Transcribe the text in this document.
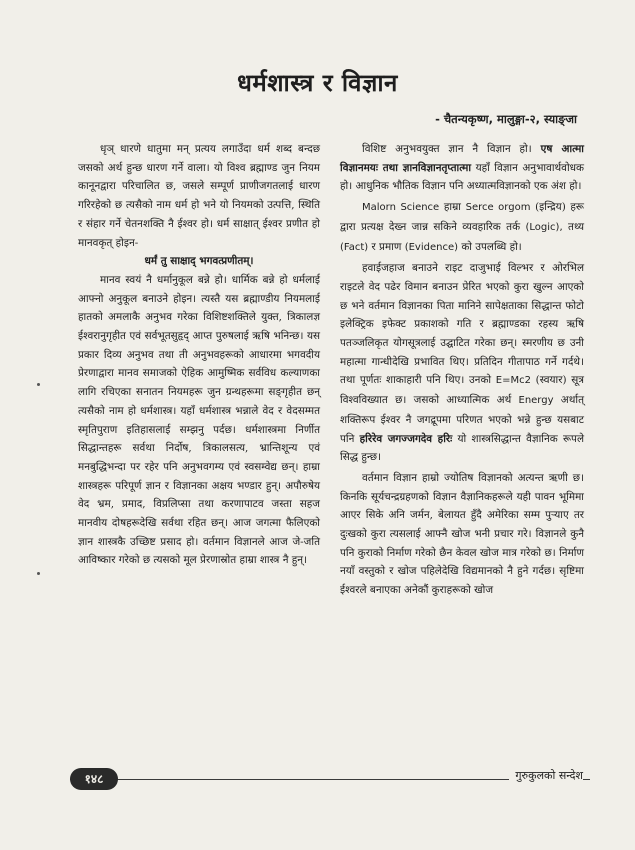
धर्मशास्त्र र विज्ञान
- चैतन्यकृष्ण, मालुङ्गा-२, स्याङ्जा

धृञ् धारणे धातुमा मन् प्रत्यय लगाउँदा धर्म शब्द बन्दछ जसको अर्थ हुन्छ धारण गर्ने वाला। यो विश्व ब्रह्माण्ड जुन नियम कानूनद्वारा परिचालित छ, जसले सम्पूर्ण प्राणीजगतलाई धारण गरिरहेको छ त्यसैको नाम धर्म हो भने यो नियमको उत्पत्ति, स्थिति र संहार गर्ने चेतनशक्ति नै ईश्वर हो। धर्म साक्षात् ईश्वर प्रणीत हो मानवकृत् होइन-

धर्मं तु साक्षाद् भगवत्प्रणीतम्।

मानव स्वयं नै धर्मानुकूल बन्ने हो। धार्मिक बन्ने हो धर्मलाई आफ्नो अनुकूल बनाउने होइन। त्यस्तै यस ब्रह्माण्डीय नियमलाई हातको अमलाकै अनुभव गरेका विशिष्टशक्तिले युक्त, त्रिकालज्ञ ईश्वरानुगृहीत एवं सर्वभूतसुहृद् आप्त पुरुषलाई ऋषि भनिन्छ। यस प्रकार दिव्य अनुभव तथा ती अनुभवहरूको आधारमा भगवदीय प्रेरणाद्वारा मानव समाजको ऐहिक आमुष्मिक सर्वविध कल्याणका लागि रचिएका सनातन नियमहरू जुन ग्रन्थहरूमा सङ्गृहीत छन् त्यसैको नाम हो धर्मशास्त्र। यहाँ धर्मशास्त्र भन्नाले वेद र वेदसम्मत स्मृतिपुराण इतिहासलाई सम्झनु पर्दछ। धर्मशास्त्रमा निर्णीत सिद्धान्तहरू सर्वथा निर्दोष, त्रिकालसत्य, भ्रान्तिशून्य एवं मनबुद्धिभन्दा पर रहेर पनि अनुभवगम्य एवं स्वसम्वेद्य छन्। हाम्रा शास्त्रहरू परिपूर्ण ज्ञान र विज्ञानका अक्षय भण्डार हुन्। अपौरुषेय वेद भ्रम, प्रमाद, विप्रलिप्सा तथा करणापाटव जस्ता सहज मानवीय दोषहरूदेखि सर्वथा रहित छन्। आज जगत्मा फैलिएको ज्ञान शास्त्रकै उच्छिष्ट प्रसाद हो। वर्तमान विज्ञानले आज जे-जति आविष्कार गरेको छ त्यसको मूल प्रेरणास्रोत हाम्रा शास्त्र नै हुन्।

विशिष्ट अनुभवयुक्त ज्ञान नै विज्ञान हो। एष आत्मा विज्ञानमयः तथा ज्ञानविज्ञानतृप्तात्मा यहाँ विज्ञान अनुभावार्थवोधक हो। आधुनिक भौतिक विज्ञान पनि अध्यात्मविज्ञानको एक अंश हो।

Malorn Science हाम्रा Serce orgom (इन्द्रिय) हरू द्वारा प्रत्यक्ष देख्न जान्न सकिने व्यवहारिक तर्क (Logic), तथ्य (Fact) र प्रमाण (Evidence) को उपलब्धि हो।

हवाईजहाज बनाउने राइट दाजुभाई विल्भर र ओरभिल राइटले वेद पढेर विमान बनाउन प्रेरित भएको कुरा खुल्न आएको छ भने वर्तमान विज्ञानका पिता मानिने सापेक्षताका सिद्धान्त फोटो इलेक्ट्रिक इफेक्ट प्रकाशको गति र ब्रह्माण्डका रहस्य ऋषि पतञ्जलिकृत योगसूत्रलाई उद्घाटित गरेका छन्। स्मरणीय छ उनी महात्मा गान्धीदेखि प्रभावित थिए। प्रतिदिन गीतापाठ गर्ने गर्दथे। तथा पूर्णतः शाकाहारी पनि थिए। उनको E=Mc2 (स्वयार) सूत्र विश्वविख्यात छ। जसको आध्यात्मिक अर्थ Energy अर्थात् शक्तिरूप ईश्वर नै जगद्रूपमा परिणत भएको भन्ने हुन्छ यसबाट पनि हरिरेव जगज्जगदेव हरिः यो शास्त्रसिद्धान्त वैज्ञानिक रूपले सिद्ध हुन्छ।

वर्तमान विज्ञान हाम्रो ज्योतिष विज्ञानको अत्यन्त ऋणी छ। किनकि सूर्यचन्द्रग्रहणको विज्ञान वैज्ञानिकहरूले यही पावन भूमिमा आएर सिके अनि जर्मन, बेलायत हुँदै अमेरिका सम्म पुऱ्याए तर दुःखको कुरा त्यसलाई आफ्नै खोज भनी प्रचार गरे। विज्ञानले कुनै पनि कुराको निर्माण गरेको छैन केवल खोज मात्र गरेको छ। निर्माण नयाँ वस्तुको र खोज पहिलेदेखि विद्यमानको नै हुने गर्दछ। सृष्टिमा ईश्वरले बनाएका अनेकौं कुराहरूको खोज

१४८	गुरुकुलको सन्देश
